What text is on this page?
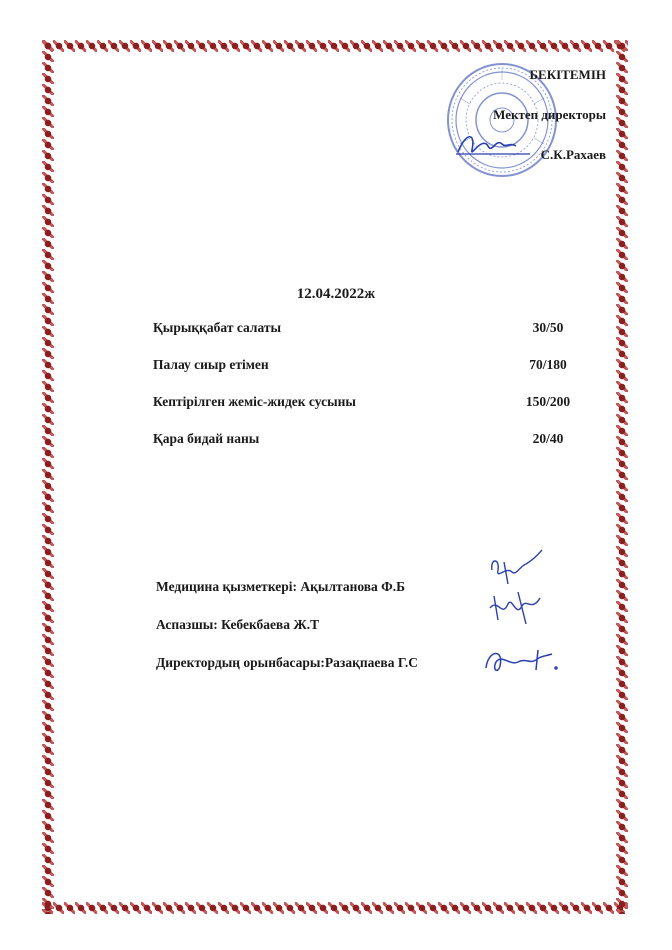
БЕКІТЕМІН
Мектеп директоры
С.К.Рахаев
12.04.2022ж
Қырыққабат салаты	30/50
Палау сиыр етімен	70/180
Кептірілген жеміс-жидек сусыны	150/200
Қара бидай наны	20/40
Медицина қызметкері: Ақылтанова Ф.Б
Аспазшы: Кебекбаева Ж.Т
Директордың орынбасары:Разақпаева Г.С
